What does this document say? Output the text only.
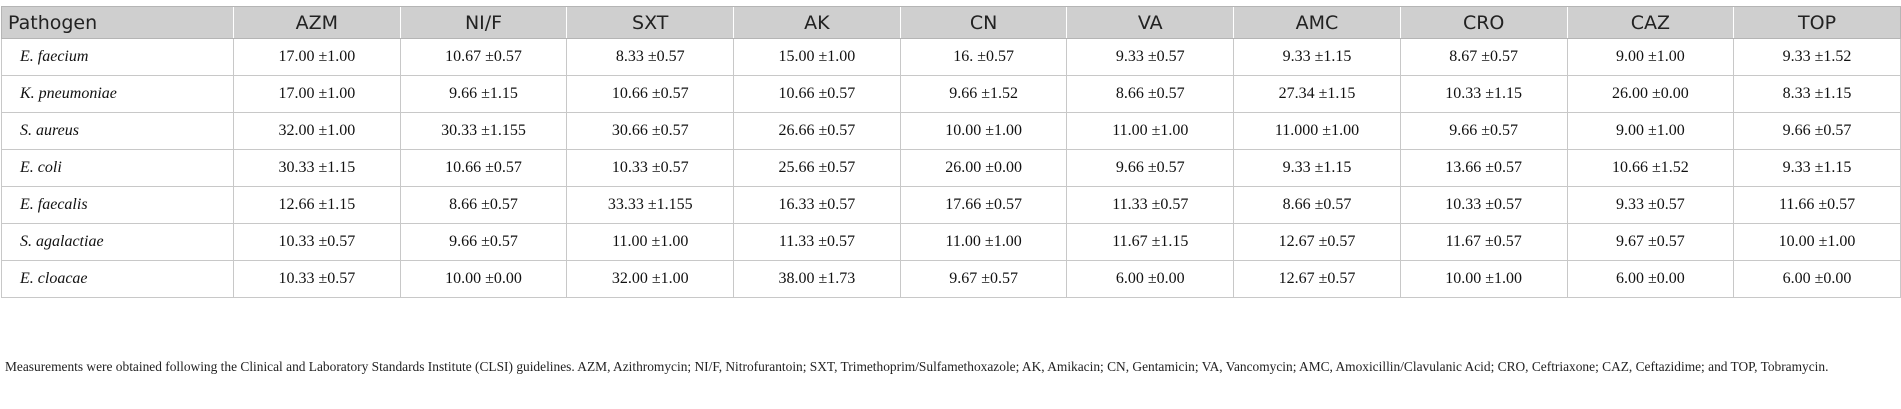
Pathogen	AZM	NI/F	SXT	AK	CN	VA	AMC	CRO	CAZ	TOP
E. faecium	17.00 ±1.00	10.67 ±0.57	8.33 ±0.57	15.00 ±1.00	16. ±0.57	9.33 ±0.57	9.33 ±1.15	8.67 ±0.57	9.00 ±1.00	9.33 ±1.52
K. pneumoniae	17.00 ±1.00	9.66 ±1.15	10.66 ±0.57	10.66 ±0.57	9.66 ±1.52	8.66 ±0.57	27.34 ±1.15	10.33 ±1.15	26.00 ±0.00	8.33 ±1.15
S. aureus	32.00 ±1.00	30.33 ±1.155	30.66 ±0.57	26.66 ±0.57	10.00 ±1.00	11.00 ±1.00	11.000 ±1.00	9.66 ±0.57	9.00 ±1.00	9.66 ±0.57
E. coli	30.33 ±1.15	10.66 ±0.57	10.33 ±0.57	25.66 ±0.57	26.00 ±0.00	9.66 ±0.57	9.33 ±1.15	13.66 ±0.57	10.66 ±1.52	9.33 ±1.15
E. faecalis	12.66 ±1.15	8.66 ±0.57	33.33 ±1.155	16.33 ±0.57	17.66 ±0.57	11.33 ±0.57	8.66 ±0.57	10.33 ±0.57	9.33 ±0.57	11.66 ±0.57
S. agalactiae	10.33 ±0.57	9.66 ±0.57	11.00 ±1.00	11.33 ±0.57	11.00 ±1.00	11.67 ±1.15	12.67 ±0.57	11.67 ±0.57	9.67 ±0.57	10.00 ±1.00
E. cloacae	10.33 ±0.57	10.00 ±0.00	32.00 ±1.00	38.00 ±1.73	9.67 ±0.57	6.00 ±0.00	12.67 ±0.57	10.00 ±1.00	6.00 ±0.00	6.00 ±0.00

Measurements were obtained following the Clinical and Laboratory Standards Institute (CLSI) guidelines. AZM, Azithromycin; NI/F, Nitrofurantoin; SXT, Trimethoprim/Sulfamethoxazole; AK, Amikacin; CN, Gentamicin; VA, Vancomycin; AMC, Amoxicillin/Clavulanic Acid; CRO, Ceftriaxone; CAZ, Ceftazidime; and TOP, Tobramycin.
